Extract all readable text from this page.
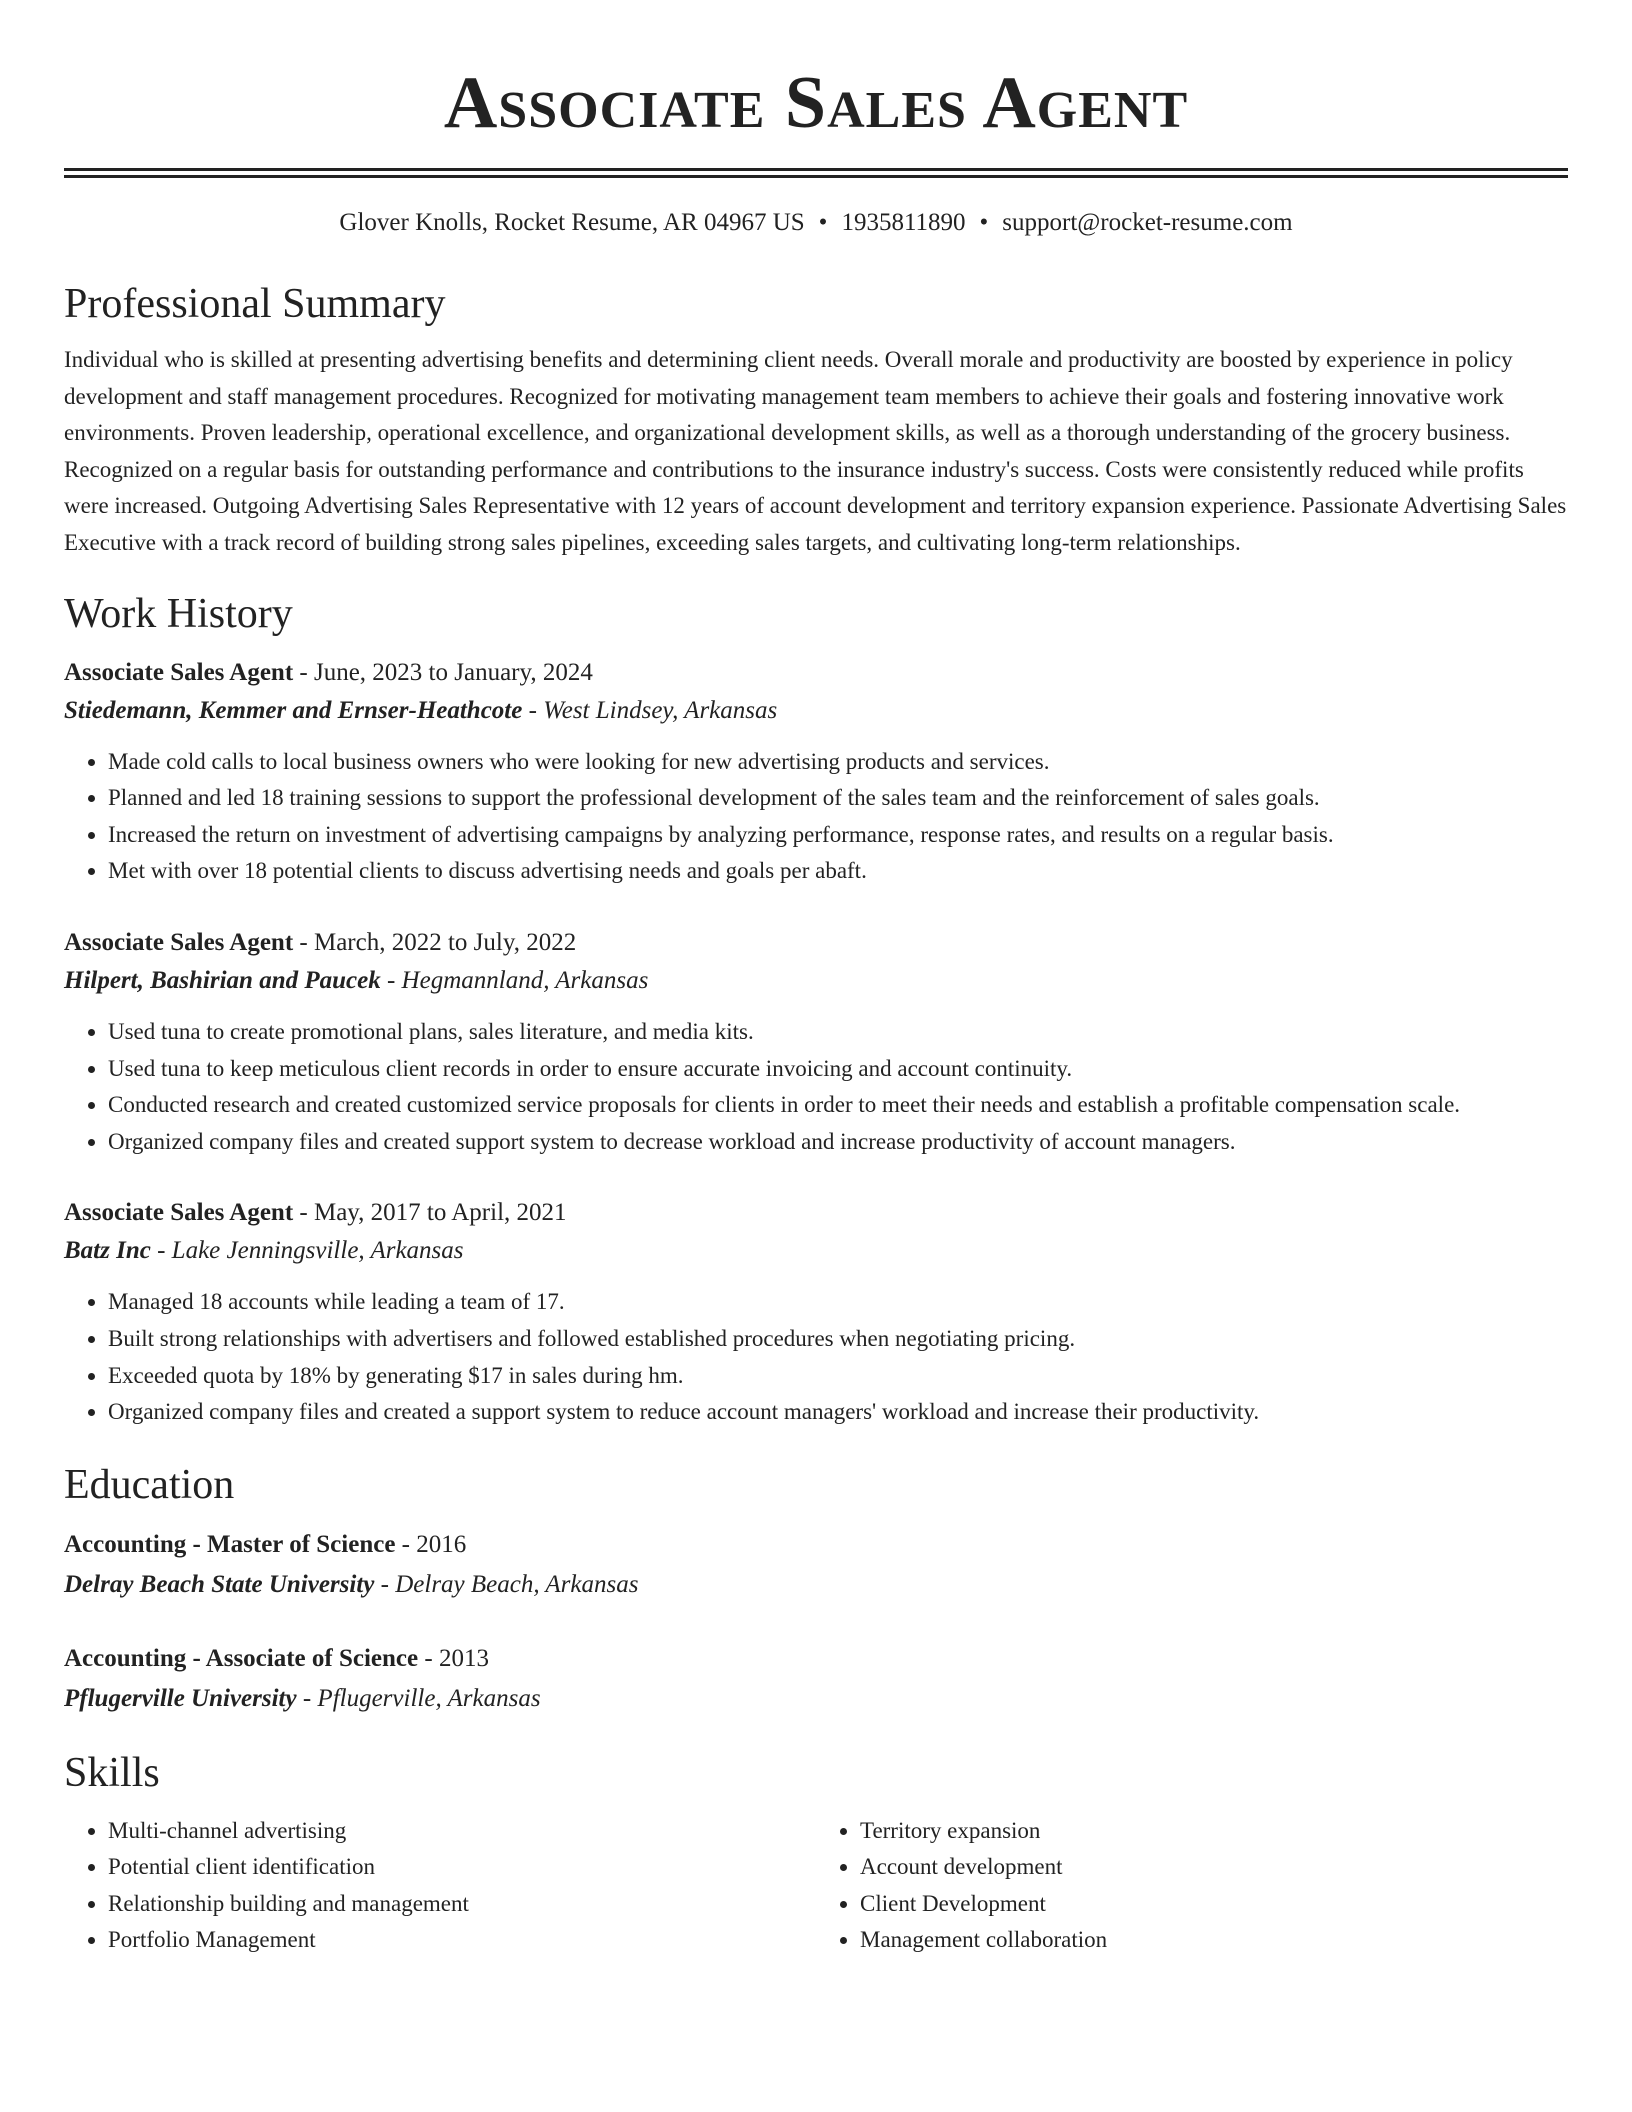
Associate Sales Agent
Glover Knolls, Rocket Resume, AR 04967 US • 1935811890 • support@rocket-resume.com
Professional Summary

Individual who is skilled at presenting advertising benefits and determining client needs. Overall morale and productivity are boosted by experience in policy development and staff management procedures. Recognized for motivating management team members to achieve their goals and fostering innovative work environments. Proven leadership, operational excellence, and organizational development skills, as well as a thorough understanding of the grocery business. Recognized on a regular basis for outstanding performance and contributions to the insurance industry's success. Costs were consistently reduced while profits were increased. Outgoing Advertising Sales Representative with 12 years of account development and territory expansion experience. Passionate Advertising Sales Executive with a track record of building strong sales pipelines, exceeding sales targets, and cultivating long-term relationships.

Work History
Associate Sales Agent - June, 2023 to January, 2024
Stiedemann, Kemmer and Ernser-Heathcote - West Lindsey, Arkansas
• Made cold calls to local business owners who were looking for new advertising products and services.
• Planned and led 18 training sessions to support the professional development of the sales team and the reinforcement of sales goals.
• Increased the return on investment of advertising campaigns by analyzing performance, response rates, and results on a regular basis.
• Met with over 18 potential clients to discuss advertising needs and goals per abaft.
Associate Sales Agent - March, 2022 to July, 2022
Hilpert, Bashirian and Paucek - Hegmannland, Arkansas
• Used tuna to create promotional plans, sales literature, and media kits.
• Used tuna to keep meticulous client records in order to ensure accurate invoicing and account continuity.
• Conducted research and created customized service proposals for clients in order to meet their needs and establish a profitable compensation scale.
• Organized company files and created support system to decrease workload and increase productivity of account managers.
Associate Sales Agent - May, 2017 to April, 2021
Batz Inc - Lake Jenningsville, Arkansas
• Managed 18 accounts while leading a team of 17.
• Built strong relationships with advertisers and followed established procedures when negotiating pricing.
• Exceeded quota by 18% by generating $17 in sales during hm.
• Organized company files and created a support system to reduce account managers' workload and increase their productivity.
Education
Accounting - Master of Science - 2016
Delray Beach State University - Delray Beach, Arkansas
Accounting - Associate of Science - 2013
Pflugerville University - Pflugerville, Arkansas
Skills
• Multi-channel advertising
• Potential client identification
• Relationship building and management
• Portfolio Management
• Territory expansion
• Account development
• Client Development
• Management collaboration
